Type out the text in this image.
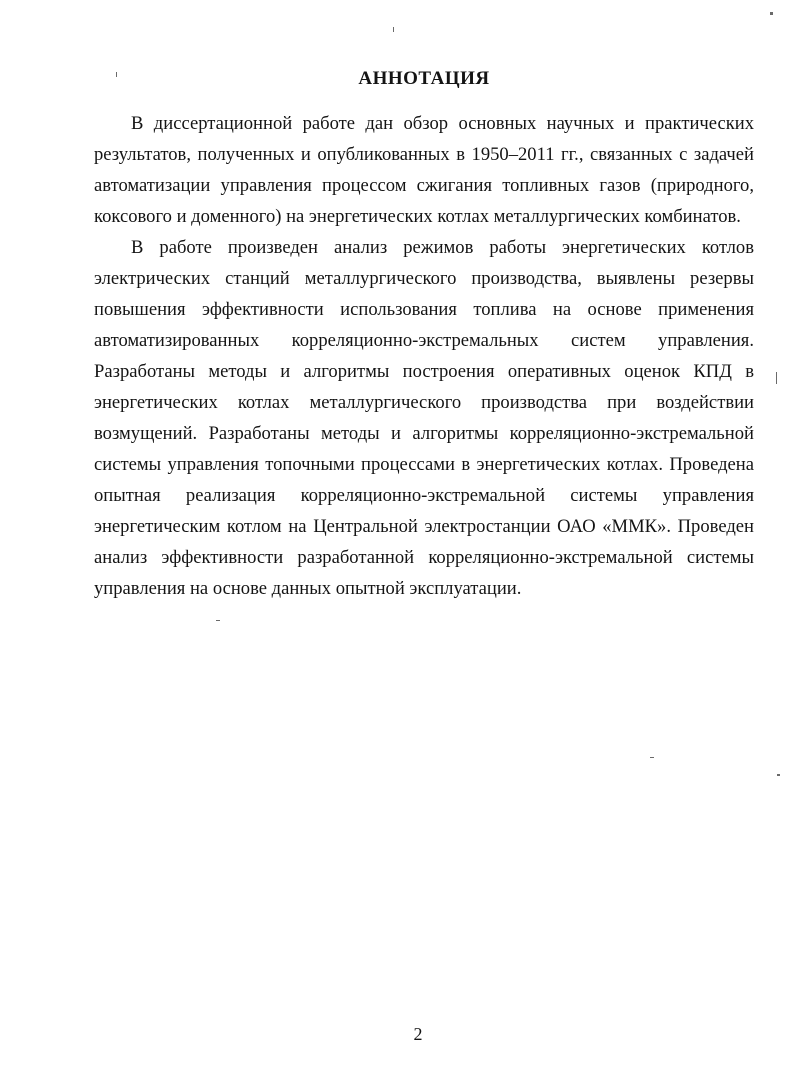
АННОТАЦИЯ

В диссертационной работе дан обзор основных научных и практических результатов, полученных и опубликованных в 1950–2011 гг., связанных с задачей автоматизации управления процессом сжигания топливных газов (природного, коксового и доменного) на энергетических котлах металлургических комбинатов.

В работе произведен анализ режимов работы энергетических котлов электрических станций металлургического производства, выявлены резервы повышения эффективности использования топлива на основе применения автоматизированных корреляционно-экстремальных систем управления. Разработаны методы и алгоритмы построения оперативных оценок КПД в энергетических котлах металлургического производства при воздействии возмущений. Разработаны методы и алгоритмы корреляционно-экстремальной системы управления топочными процессами в энергетических котлах. Проведена опытная реализация корреляционно-экстремальной системы управления энергетическим котлом на Центральной электростанции ОАО «ММК». Проведен анализ эффективности разработанной корреляционно-экстремальной системы управления на основе данных опытной эксплуатации.

2
